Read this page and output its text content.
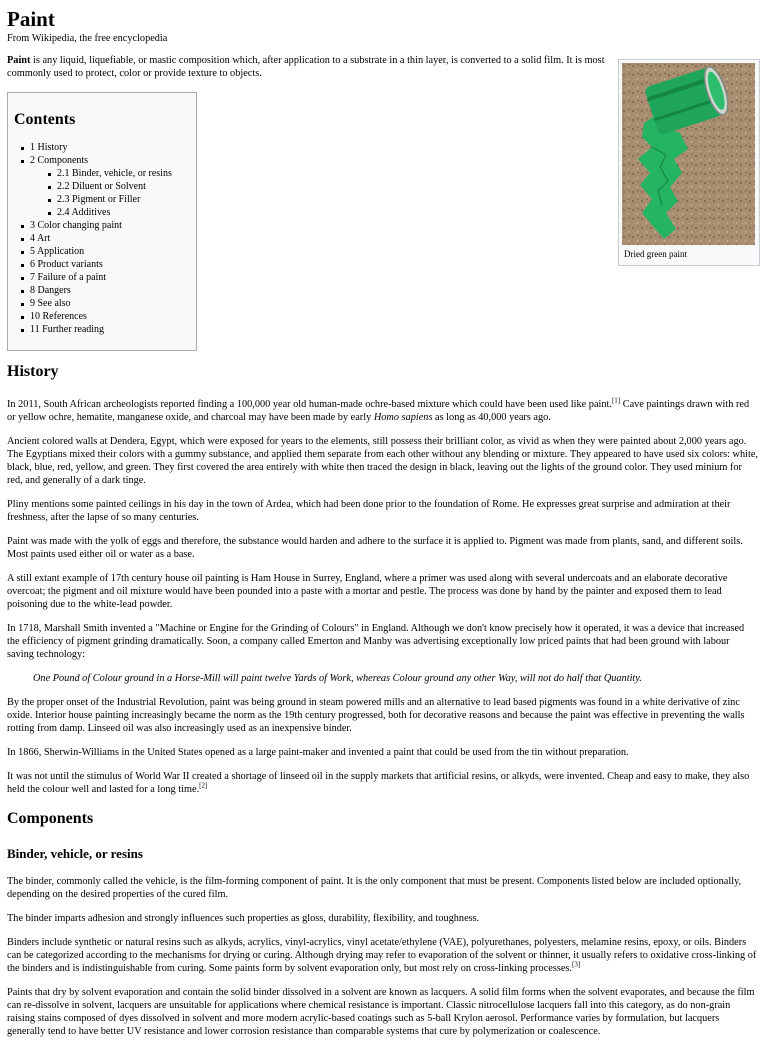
Paint
From Wikipedia, the free encyclopedia

Paint is any liquid, liquefiable, or mastic composition which, after application to a substrate in a thin layer, is converted to a solid film. It is most commonly used to protect, color or provide texture to objects.

Dried green paint
Contents
1 History
2 Components
2.1 Binder, vehicle, or resins
2.2 Diluent or Solvent
2.3 Pigment or Filler
2.4 Additives
3 Color changing paint
4 Art
5 Application
6 Product variants
7 Failure of a paint
8 Dangers
9 See also
10 References
11 Further reading
History

In 2011, South African archeologists reported finding a 100,000 year old human-made ochre-based mixture which could have been used like paint.[1] Cave paintings drawn with red or yellow ochre, hematite, manganese oxide, and charcoal may have been made by early Homo sapiens as long as 40,000 years ago.

Ancient colored walls at Dendera, Egypt, which were exposed for years to the elements, still possess their brilliant color, as vivid as when they were painted about 2,000 years ago. The Egyptians mixed their colors with a gummy substance, and applied them separate from each other without any blending or mixture. They appeared to have used six colors: white, black, blue, red, yellow, and green. They first covered the area entirely with white then traced the design in black, leaving out the lights of the ground color. They used minium for red, and generally of a dark tinge.

Pliny mentions some painted ceilings in his day in the town of Ardea, which had been done prior to the foundation of Rome. He expresses great surprise and admiration at their freshness, after the lapse of so many centuries.

Paint was made with the yolk of eggs and therefore, the substance would harden and adhere to the surface it is applied to. Pigment was made from plants, sand, and different soils. Most paints used either oil or water as a base.

A still extant example of 17th century house oil painting is Ham House in Surrey, England, where a primer was used along with several undercoats and an elaborate decorative overcoat; the pigment and oil mixture would have been pounded into a paste with a mortar and pestle. The process was done by hand by the painter and exposed them to lead poisoning due to the white-lead powder.

In 1718, Marshall Smith invented a "Machine or Engine for the Grinding of Colours" in England. Although we don't know precisely how it operated, it was a device that increased the efficiency of pigment grinding dramatically. Soon, a company called Emerton and Manby was advertising exceptionally low priced paints that had been ground with labour saving technology:

One Pound of Colour ground in a Horse-Mill will paint twelve Yards of Work, whereas Colour ground any other Way, will not do half that Quantity.

By the proper onset of the Industrial Revolution, paint was being ground in steam powered mills and an alternative to lead based pigments was found in a white derivative of zinc oxide. Interior house painting increasingly became the norm as the 19th century progressed, both for decorative reasons and because the paint was effective in preventing the walls rotting from damp. Linseed oil was also increasingly used as an inexpensive binder.

In 1866, Sherwin-Williams in the United States opened as a large paint-maker and invented a paint that could be used from the tin without preparation.

It was not until the stimulus of World War II created a shortage of linseed oil in the supply markets that artificial resins, or alkyds, were invented. Cheap and easy to make, they also held the colour well and lasted for a long time.[2]

Components
Binder, vehicle, or resins

The binder, commonly called the vehicle, is the film-forming component of paint. It is the only component that must be present. Components listed below are included optionally, depending on the desired properties of the cured film.

The binder imparts adhesion and strongly influences such properties as gloss, durability, flexibility, and toughness.

Binders include synthetic or natural resins such as alkyds, acrylics, vinyl-acrylics, vinyl acetate/ethylene (VAE), polyurethanes, polyesters, melamine resins, epoxy, or oils. Binders can be categorized according to the mechanisms for drying or curing. Although drying may refer to evaporation of the solvent or thinner, it usually refers to oxidative cross-linking of the binders and is indistinguishable from curing. Some paints form by solvent evaporation only, but most rely on cross-linking processes.[3]

Paints that dry by solvent evaporation and contain the solid binder dissolved in a solvent are known as lacquers. A solid film forms when the solvent evaporates, and because the film can re-dissolve in solvent, lacquers are unsuitable for applications where chemical resistance is important. Classic nitrocellulose lacquers fall into this category, as do non-grain raising stains composed of dyes dissolved in solvent and more modern acrylic-based coatings such as 5-ball Krylon aerosol. Performance varies by formulation, but lacquers generally tend to have better UV resistance and lower corrosion resistance than comparable systems that cure by polymerization or coalescence.
